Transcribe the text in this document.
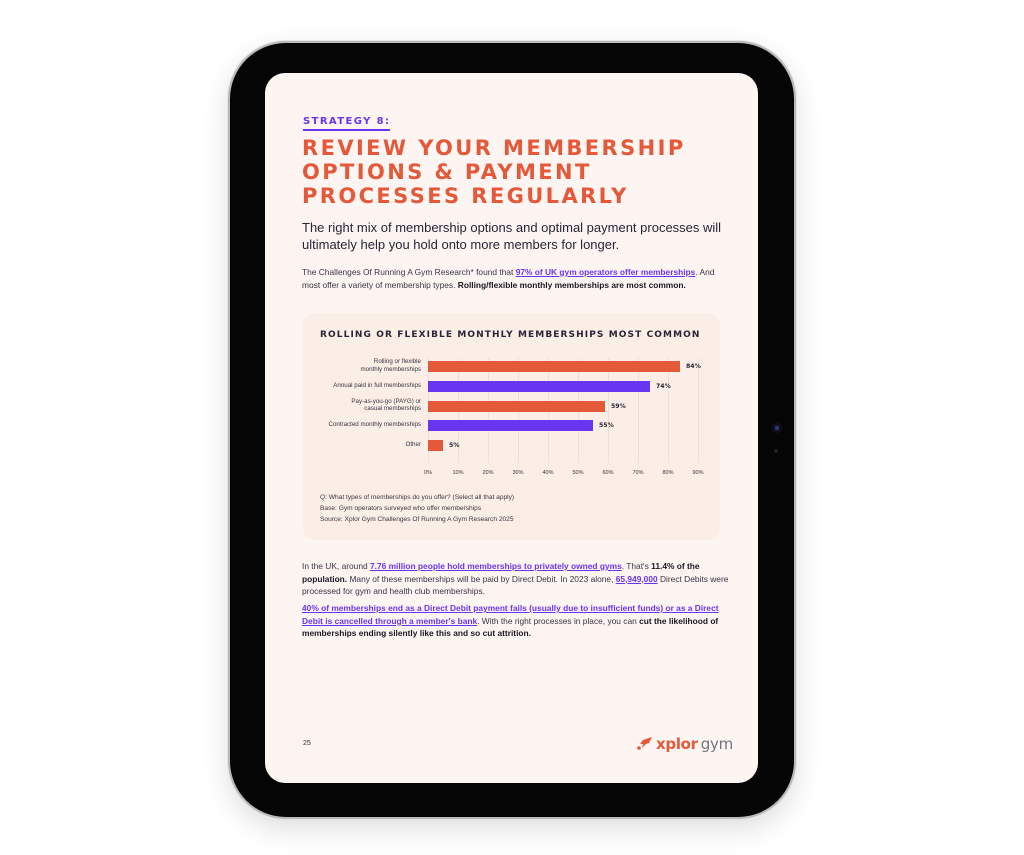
STRATEGY 8:
REVIEW YOUR MEMBERSHIP OPTIONS & PAYMENT PROCESSES REGULARLY

The right mix of membership options and optimal payment processes will ultimately help you hold onto more members for longer.

The Challenges Of Running A Gym Research* found that 97% of UK gym operators offer memberships. And most offer a variety of membership types. Rolling/flexible monthly memberships are most common.

ROLLING OR FLEXIBLE MONTHLY MEMBERSHIPS MOST COMMON
0%	10%	20%	30%	40%	50%	60%	70%	80%	90%
Rolling or flexible
monthly memberships	84%
Annual paid in full memberships	74%
Pay-as-you-go (PAYG) or
casual memberships	59%
Contracted monthly memberships	55%
Other	5%
Q: What types of memberships do you offer? (Select all that apply)
Base: Gym operators surveyed who offer memberships
Source: Xplor Gym Challenges Of Running A Gym Research 2025

In the UK, around 7.76 million people hold memberships to privately owned gyms. That's 11.4% of the population. Many of these memberships will be paid by Direct Debit. In 2023 alone, 65,949,000 Direct Debits were processed for gym and health club memberships.

40% of memberships end as a Direct Debit payment fails (usually due to insufficient funds) or as a Direct Debit is cancelled through a member's bank. With the right processes in place, you can cut the likelihood of memberships ending silently like this and so cut attrition.

25	xplor gym
